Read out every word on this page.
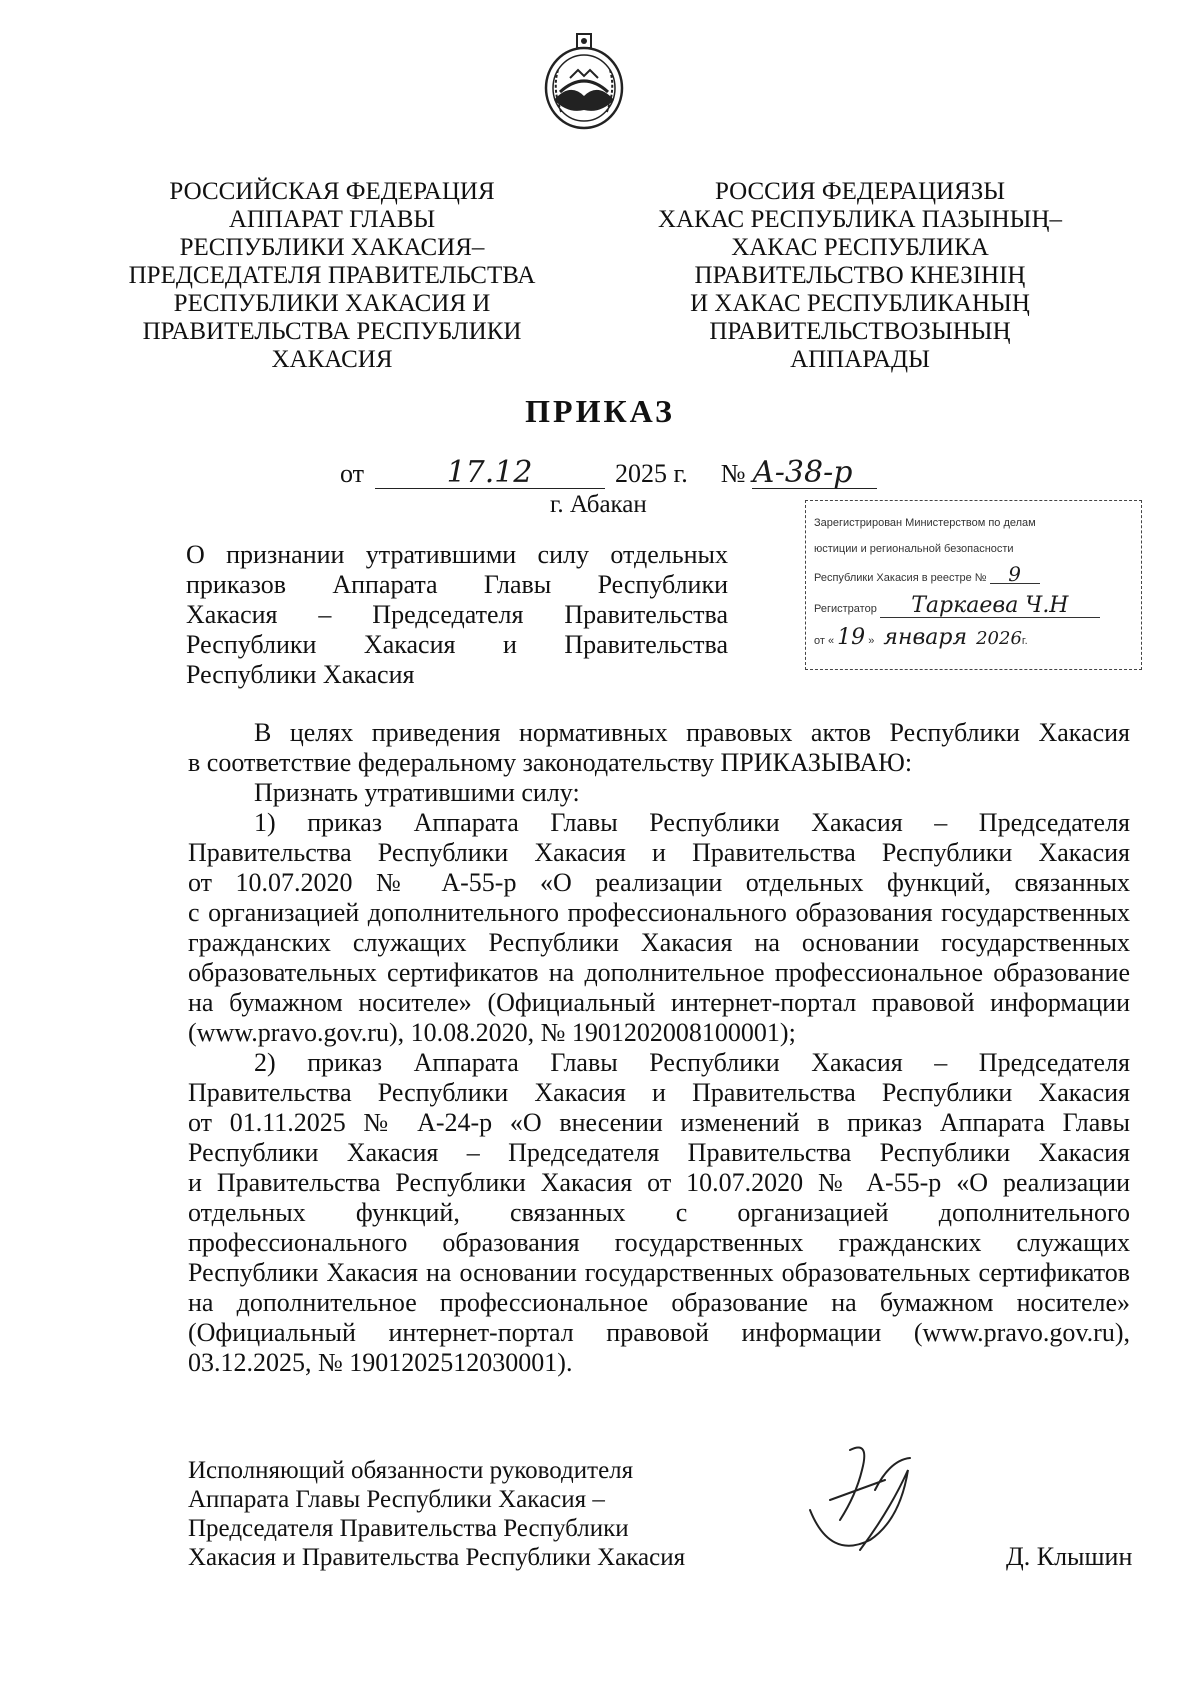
РОССИЙСКАЯ ФЕДЕРАЦИЯ
АППАРАТ ГЛАВЫ
РЕСПУБЛИКИ ХАКАСИЯ–
ПРЕДСЕДАТЕЛЯ ПРАВИТЕЛЬСТВА
РЕСПУБЛИКИ ХАКАСИЯ И
ПРАВИТЕЛЬСТВА РЕСПУБЛИКИ
ХАКАСИЯ
РОССИЯ ФЕДЕРАЦИЯЗЫ
ХАКАС РЕСПУБЛИКА ПАЗЫНЫҢ–
ХАКАС РЕСПУБЛИКА
ПРАВИТЕЛЬСТВО КНЕЗIНIҢ
И ХАКАС РЕСПУБЛИКАНЫҢ
ПРАВИТЕЛЬСТВОЗЫНЫҢ
АППАРАДЫ
ПРИКАЗ
от	17.12	2025 г. № А-38-р
г. Абакан
Зарегистрирован Министерством по делам
юстиции и региональной безопасности
Республики Хакасия в реестре № 9
Регистратор Таркаева Ч.Н
от « 19 » января 2026г.
О признании утратившими силу отдельных
приказов Аппарата Главы Республики
Хакасия – Председателя Правительства
Республики Хакасия и Правительства
Республики Хакасия
В целях приведения нормативных правовых актов Республики Хакасия
в соответствие федеральному законодательству ПРИКАЗЫВАЮ:
Признать утратившими силу:
1) приказ Аппарата Главы Республики Хакасия – Председателя
Правительства Республики Хакасия и Правительства Республики Хакасия
от 10.07.2020 № А-55-р «О реализации отдельных функций, связанных
с организацией дополнительного профессионального образования государственных
гражданских служащих Республики Хакасия на основании государственных
образовательных сертификатов на дополнительное профессиональное образование
на бумажном носителе» (Официальный интернет-портал правовой информации
(www.pravo.gov.ru), 10.08.2020, № 1901202008100001);
2) приказ Аппарата Главы Республики Хакасия – Председателя
Правительства Республики Хакасия и Правительства Республики Хакасия
от 01.11.2025 № А-24-р «О внесении изменений в приказ Аппарата Главы
Республики Хакасия – Председателя Правительства Республики Хакасия
и Правительства Республики Хакасия от 10.07.2020 № А-55-р «О реализации
отдельных функций, связанных с организацией дополнительного
профессионального образования государственных гражданских служащих
Республики Хакасия на основании государственных образовательных сертификатов
на дополнительное профессиональное образование на бумажном носителе»
(Официальный интернет-портал правовой информации (www.pravo.gov.ru),
03.12.2025, № 1901202512030001).
Исполняющий обязанности руководителя
Аппарата Главы Республики Хакасия –
Председателя Правительства Республики
Хакасия и Правительства Республики Хакасия	Д. Клышин
